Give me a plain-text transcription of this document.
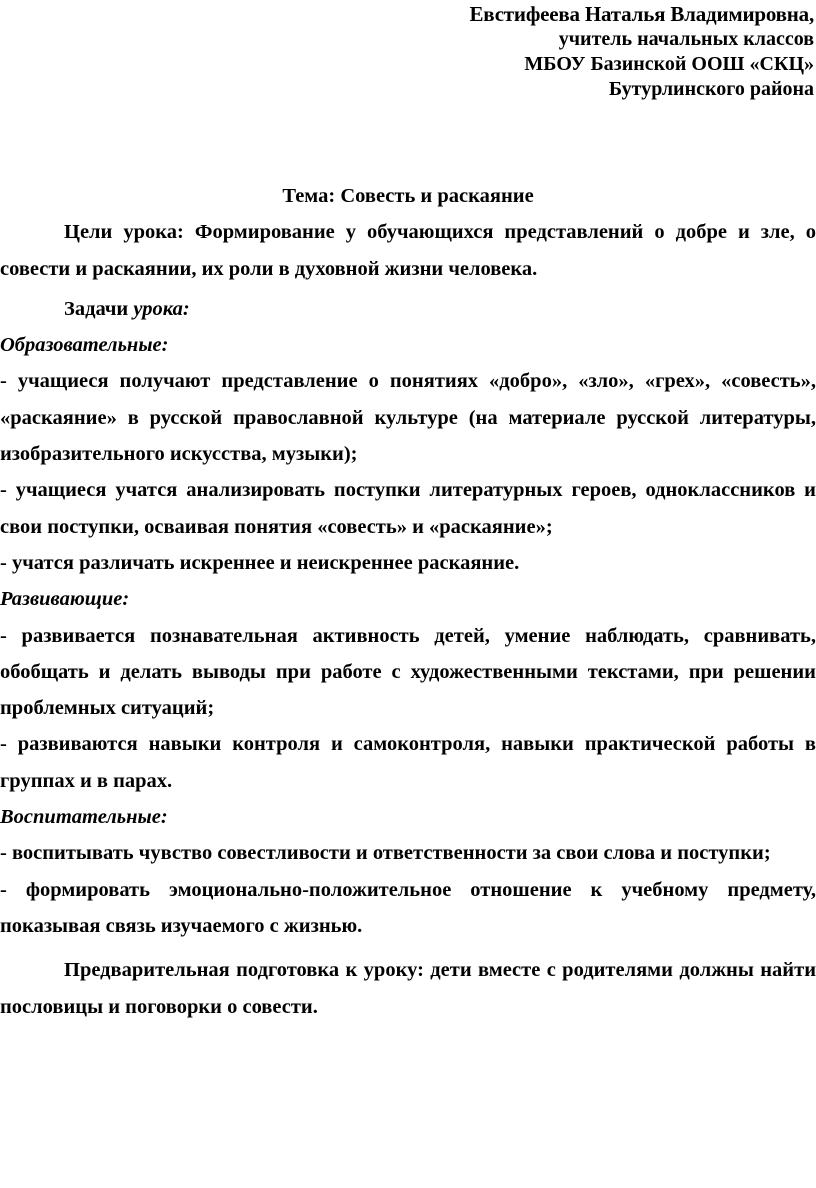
Евстифеева Наталья Владимировна,
учитель начальных классов
МБОУ Базинской ООШ «СКЦ»
Бутурлинского района

Тема: Совесть и раскаяние

Цели урока: Формирование у обучающихся представлений о добре и зле, о совести и раскаянии, их роли в духовной жизни человека.

Задачи урока:

Образовательные:

- учащиеся получают представление о понятиях «добро», «зло», «грех», «совесть», «раскаяние» в русской православной культуре (на материале русской литературы, изобразительного искусства, музыки);

- учащиеся учатся анализировать поступки литературных героев, одноклассников и свои поступки, осваивая понятия «совесть» и «раскаяние»;

- учатся различать искреннее и неискреннее раскаяние.

Развивающие:

- развивается познавательная активность детей, умение наблюдать, сравнивать, обобщать и делать выводы при работе с художественными текстами, при решении проблемных ситуаций;

- развиваются навыки контроля и самоконтроля, навыки практической работы в группах и в парах.

Воспитательные:

- воспитывать чувство совестливости и ответственности за свои слова и поступки;

- формировать эмоционально-положительное отношение к учебному предмету, показывая связь изучаемого с жизнью.

Предварительная подготовка к уроку: дети вместе с родителями должны найти пословицы и поговорки о совести.
